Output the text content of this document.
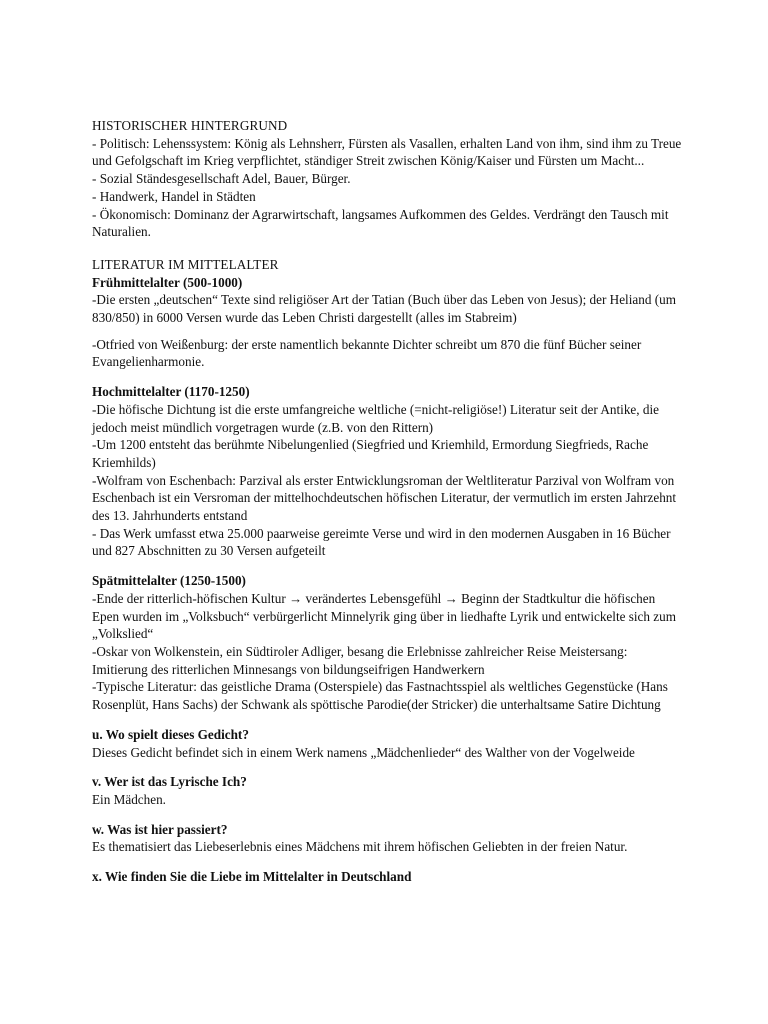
HISTORISCHER HINTERGRUND

- Politisch: Lehenssystem: König als Lehnsherr, Fürsten als Vasallen, erhalten Land von ihm, sind ihm zu Treue und Gefolgschaft im Krieg verpflichtet, ständiger Streit zwischen König/Kaiser und Fürsten um Macht...

- Sozial Ständesgesellschaft Adel, Bauer, Bürger.

- Handwerk, Handel in Städten

- Ökonomisch: Dominanz der Agrarwirtschaft, langsames Aufkommen des Geldes. Verdrängt den Tausch mit Naturalien.

LITERATUR IM MITTELALTER

Frühmittelalter (500-1000)

-Die ersten „deutschen“ Texte sind religiöser Art der Tatian (Buch über das Leben von Jesus); der Heliand (um 830/850) in 6000 Versen wurde das Leben Christi dargestellt (alles im Stabreim)

-Otfried von Weißenburg: der erste namentlich bekannte Dichter schreibt um 870 die fünf Bücher seiner Evangelienharmonie.

Hochmittelalter (1170-1250)

-Die höfische Dichtung ist die erste umfangreiche weltliche (=nicht-religiöse!) Literatur seit der Antike, die jedoch meist mündlich vorgetragen wurde (z.B. von den Rittern)

-Um 1200 entsteht das berühmte Nibelungenlied (Siegfried und Kriemhild, Ermordung Siegfrieds, Rache Kriemhilds)

-Wolfram von Eschenbach: Parzival als erster Entwicklungsroman der Weltliteratur Parzival von Wolfram von Eschenbach ist ein Versroman der mittelhochdeutschen höfischen Literatur, der vermutlich im ersten Jahrzehnt des 13. Jahrhunderts entstand

- Das Werk umfasst etwa 25.000 paarweise gereimte Verse und wird in den modernen Ausgaben in 16 Bücher und 827 Abschnitten zu 30 Versen aufgeteilt

Spätmittelalter (1250-1500)

-Ende der ritterlich-höfischen Kultur → verändertes Lebensgefühl → Beginn der Stadtkultur die höfischen Epen wurden im „Volksbuch“ verbürgerlicht Minnelyrik ging über in liedhafte Lyrik und entwickelte sich zum „Volkslied“

-Oskar von Wolkenstein, ein Südtiroler Adliger, besang die Erlebnisse zahlreicher Reise Meistersang: Imitierung des ritterlichen Minnesangs von bildungseifrigen Handwerkern

-Typische Literatur: das geistliche Drama (Osterspiele) das Fastnachtsspiel als weltliches Gegenstücke (Hans Rosenplüt, Hans Sachs) der Schwank als spöttische Parodie(der Stricker) die unterhaltsame Satire Dichtung

u. Wo spielt dieses Gedicht?

Dieses Gedicht befindet sich in einem Werk namens „Mädchenlieder“ des Walther von der Vogelweide

v. Wer ist das Lyrische Ich?

Ein Mädchen.

w. Was ist hier passiert?

Es thematisiert das Liebeserlebnis eines Mädchens mit ihrem höfischen Geliebten in der freien Natur.

x. Wie finden Sie die Liebe im Mittelalter in Deutschland
